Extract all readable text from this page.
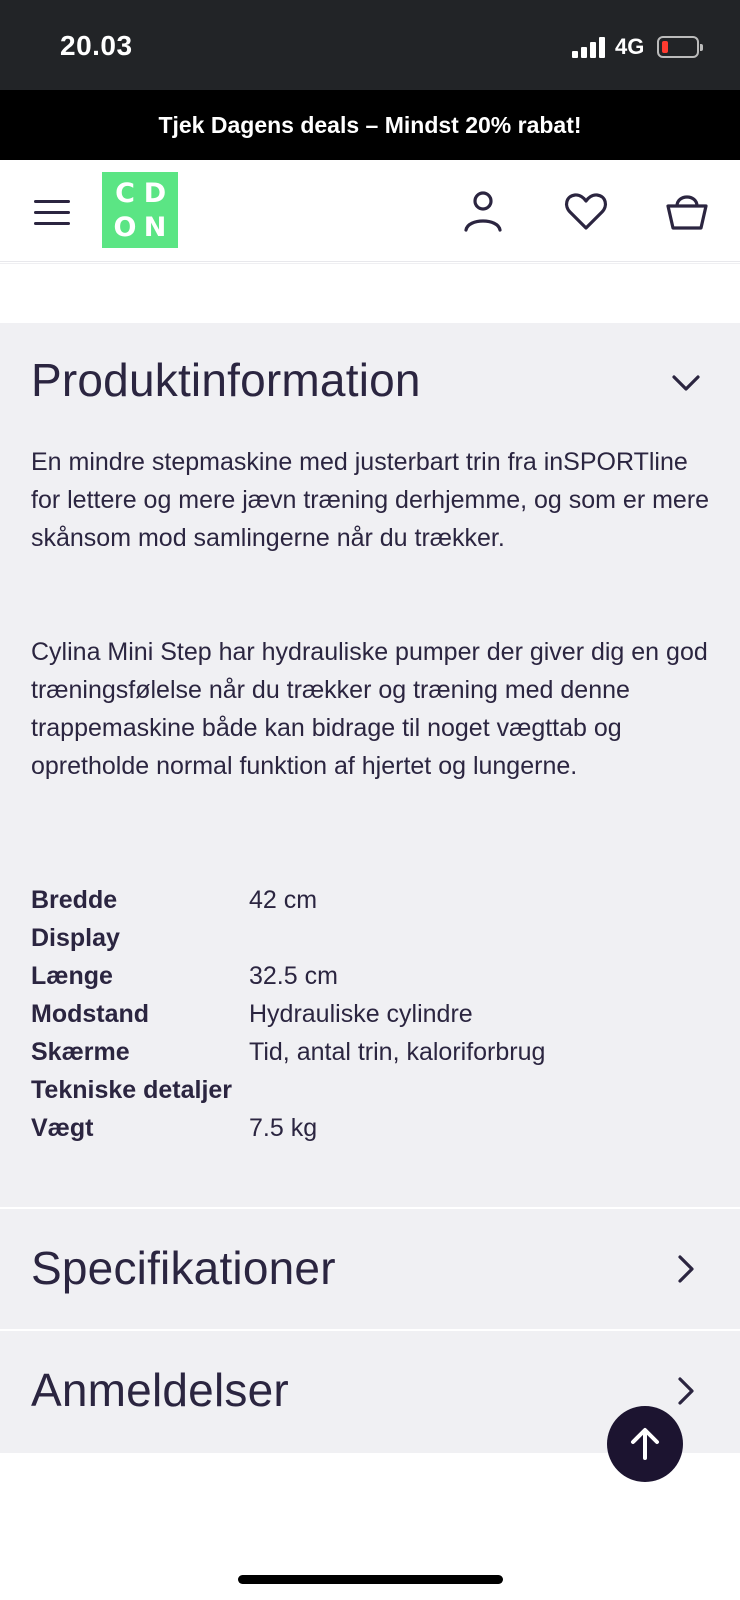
20.03	4G
Tjek Dagens deals – Mindst 20% rabat!
C D
O N
Produktinformation
En mindre stepmaskine med justerbart trin fra inSPORTline for lettere og mere jævn træning derhjemme, og som er mere skånsom mod samlingerne når du trækker.
Cylina Mini Step har hydrauliske pumper der giver dig en god træningsfølelse når du trækker og træning med denne trappemaskine både kan bidrage til noget vægttab og opretholde normal funktion af hjertet og lungerne.
Bredde	42 cm
Display
Længe	32.5 cm
Modstand	Hydrauliske cylindre
Skærme	Tid, antal trin, kaloriforbrug
Tekniske detaljer
Vægt	7.5 kg
Specifikationer
Anmeldelser
